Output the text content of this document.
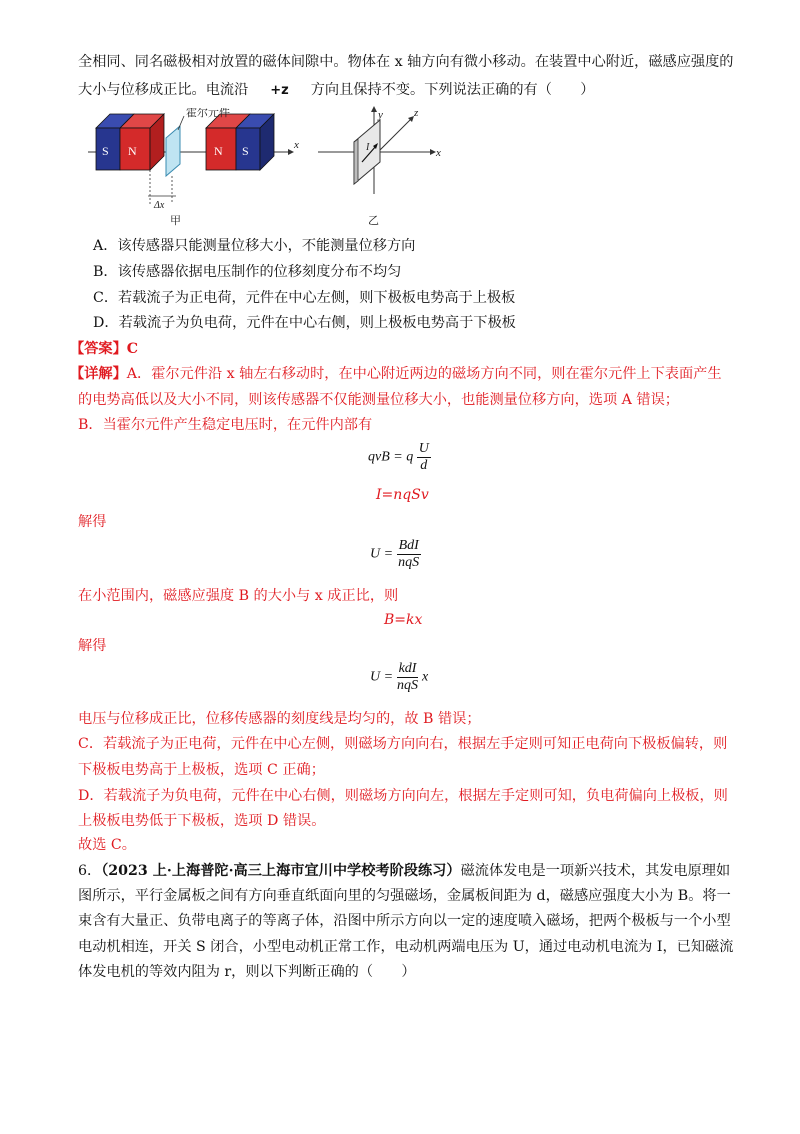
全相同、同名磁极相对放置的磁体间隙中。物体在 x 轴方向有微小移动。在装置中心附近，磁感应强度的
大小与位移成正比。电流沿 +z 方向且保持不变。下列说法正确的有（　　）
霍尔元件
S N	N S	x
Δx
甲
y	z
x
I
乙
A．该传感器只能测量位移大小，不能测量位移方向
B．该传感器依据电压制作的位移刻度分布不均匀
C．若载流子为正电荷，元件在中心左侧，则下极板电势高于上极板
D．若载流子为负电荷，元件在中心右侧，则上极板电势高于下极板
【答案】C
【详解】A．霍尔元件沿 x 轴左右移动时，在中心附近两边的磁场方向不同，则在霍尔元件上下表面产生
的电势高低以及大小不同，则该传感器不仅能测量位移大小，也能测量位移方向，选项 A 错误；
B．当霍尔元件产生稳定电压时，在元件内部有
qvB = q $\frac{U}{d}$
I=nqSv
解得
$U = \frac{\text{BdI}}{\text{nqS}}$
在小范围内，磁感应强度 B 的大小与 x 成正比，则
B=kx
解得
$U = \frac{\text{kdI}}{\text{nqS}}$ x
电压与位移成正比，位移传感器的刻度线是均匀的，故 B 错误；
C．若载流子为正电荷，元件在中心左侧，则磁场方向向右，根据左手定则可知正电荷向下极板偏转，则
下极板电势高于上极板，选项 C 正确；
D．若载流子为负电荷，元件在中心右侧，则磁场方向向左，根据左手定则可知，负电荷偏向上极板，则
上极板电势低于下极板，选项 D 错误。
故选 C。
6．（2023 上·上海普陀·高三上海市宜川中学校考阶段练习）磁流体发电是一项新兴技术，其发电原理如
图所示，平行金属板之间有方向垂直纸面向里的匀强磁场，金属板间距为 d，磁感应强度大小为 B。将一
束含有大量正、负带电离子的等离子体，沿图中所示方向以一定的速度喷入磁场，把两个极板与一个小型
电动机相连，开关 S 闭合，小型电动机正常工作，电动机两端电压为 U，通过电动机电流为 I，已知磁流
体发电机的等效内阻为 r，则以下判断正确的（　　）
